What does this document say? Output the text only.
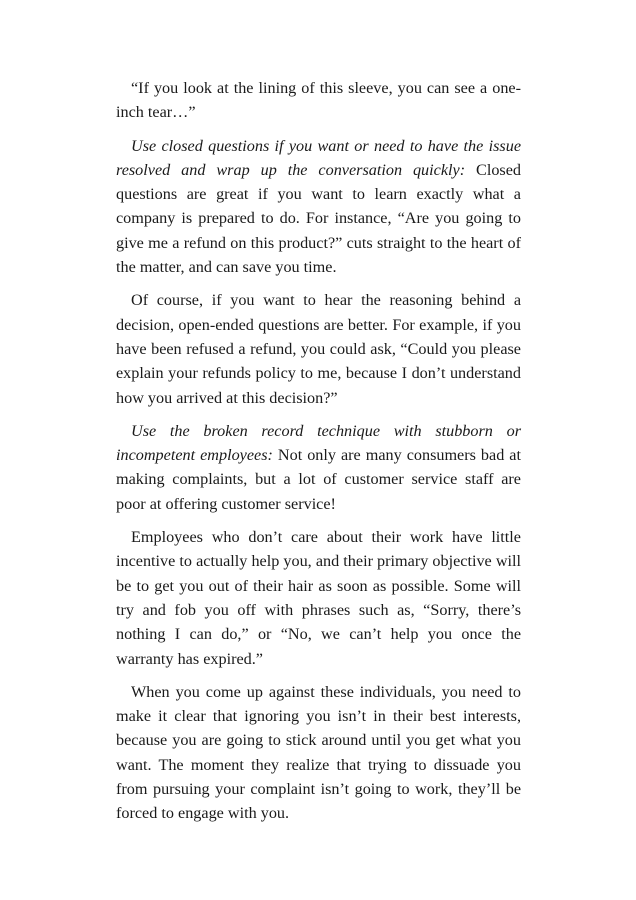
“If you look at the lining of this sleeve, you can see a one-inch tear…”

Use closed questions if you want or need to have the issue resolved and wrap up the conversation quickly: Closed questions are great if you want to learn exactly what a company is prepared to do. For instance, “Are you going to give me a refund on this product?” cuts straight to the heart of the matter, and can save you time.

Of course, if you want to hear the reasoning behind a decision, open-ended questions are better. For example, if you have been refused a refund, you could ask, “Could you please explain your refunds policy to me, because I don’t understand how you arrived at this decision?”

Use the broken record technique with stubborn or incompetent employees: Not only are many consumers bad at making complaints, but a lot of customer service staff are poor at offering customer service!

Employees who don’t care about their work have little incentive to actually help you, and their primary objective will be to get you out of their hair as soon as possible. Some will try and fob you off with phrases such as, “Sorry, there’s nothing I can do,” or “No, we can’t help you once the warranty has expired.”

When you come up against these individuals, you need to make it clear that ignoring you isn’t in their best interests, because you are going to stick around until you get what you want. The moment they realize that trying to dissuade you from pursuing your complaint isn’t going to work, they’ll be forced to engage with you.
